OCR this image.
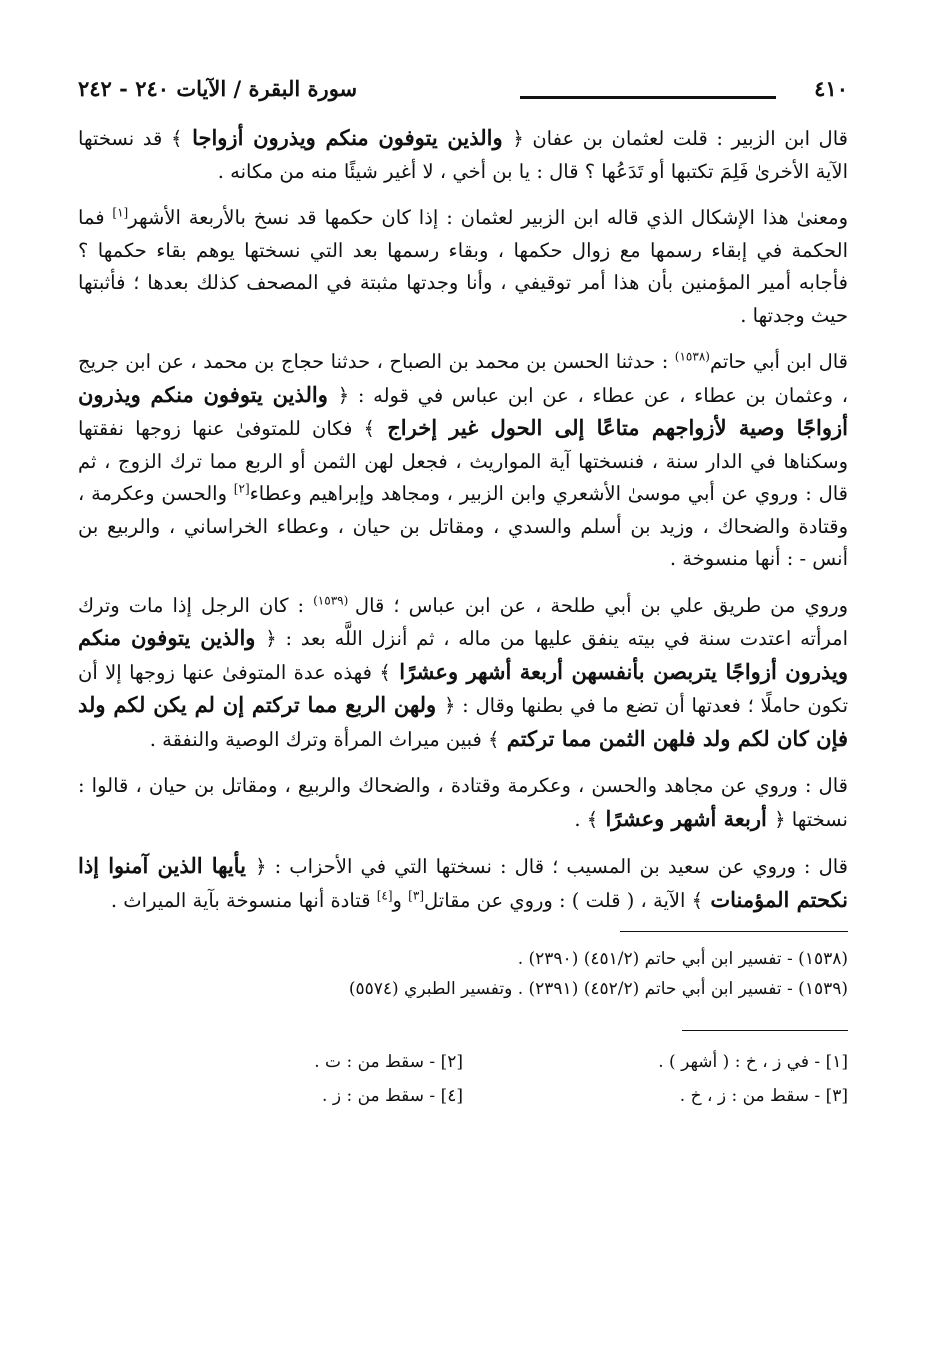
٤١٠
سورة البقرة / الآيات ٢٤٠ - ٢٤٢

قال ابن الزبير : قلت لعثمان بن عفان ﴿ والذين يتوفون منكم ويذرون أزواجا ﴾ قد نسختها الآية الأخرىٰ فَلِمَ تكتبها أو تَدَعُها ؟ قال : يا بن أخي ، لا أغير شيئًا منه من مكانه .

ومعنىٰ هذا الإشكال الذي قاله ابن الزبير لعثمان : إذا كان حكمها قد نسخ بالأربعة الأشهر[١] فما الحكمة في إبقاء رسمها مع زوال حكمها ، وبقاء رسمها بعد التي نسختها يوهم بقاء حكمها ؟ فأجابه أمير المؤمنين بأن هذا أمر توقيفي ، وأنا وجدتها مثبتة في المصحف كذلك بعدها ؛ فأثبتها حيث وجدتها .

قال ابن أبي حاتم$^{(١٥٣٨)}$ : حدثنا الحسن بن محمد بن الصباح ، حدثنا حجاج بن محمد ، عن ابن جريج ، وعثمان بن عطاء ، عن عطاء ، عن ابن عباس في قوله : ﴿ والذين يتوفون منكم ويذرون أزواجًا وصية لأزواجهم متاعًا إلى الحول غير إخراج ﴾ فكان للمتوفىٰ عنها زوجها نفقتها وسكناها في الدار سنة ، فنسختها آية المواريث ، فجعل لهن الثمن أو الربع مما ترك الزوج ، ثم قال : وروي عن أبي موسىٰ الأشعري وابن الزبير ، ومجاهد وإبراهيم وعطاء[٢] والحسن وعكرمة ، وقتادة والضحاك ، وزيد بن أسلم والسدي ، ومقاتل بن حيان ، وعطاء الخراساني ، والربيع بن أنس - : أنها منسوخة .

وروي من طريق علي بن أبي طلحة ، عن ابن عباس ؛ قال $^{(١٥٣٩)}$ : كان الرجل إذا مات وترك امرأته اعتدت سنة في بيته ينفق عليها من ماله ، ثم أنزل اللَّه بعد : ﴿ والذين يتوفون منكم ويذرون أزواجًا يتربصن بأنفسهن أربعة أشهر وعشرًا ﴾ فهذه عدة المتوفىٰ عنها زوجها إلا أن تكون حاملًا ؛ فعدتها أن تضع ما في بطنها وقال : ﴿ ولهن الربع مما تركتم إن لم يكن لكم ولد فإن كان لكم ولد فلهن الثمن مما تركتم ﴾ فبين ميراث المرأة وترك الوصية والنفقة .

قال : وروي عن مجاهد والحسن ، وعكرمة وقتادة ، والضحاك والربيع ، ومقاتل بن حيان ، قالوا : نسختها ﴿ أربعة أشهر وعشرًا ﴾ .

قال : وروي عن سعيد بن المسيب ؛ قال : نسختها التي في الأحزاب : ﴿ يأيها الذين آمنوا إذا نكحتم المؤمنات ﴾ الآية ، ( قلت ) : وروي عن مقاتل[٣] و[٤] قتادة أنها منسوخة بآية الميراث .

(١٥٣٨) - تفسير ابن أبي حاتم (٤٥١/٢) (٢٣٩٠) .

(١٥٣٩) - تفسير ابن أبي حاتم (٤٥٢/٢) (٢٣٩١) . وتفسير الطبري (٥٥٧٤)

[١] - في ز ، خ : ( أشهر ) .

[٢] - سقط من : ت .

[٣] - سقط من : ز ، خ .

[٤] - سقط من : ز .
